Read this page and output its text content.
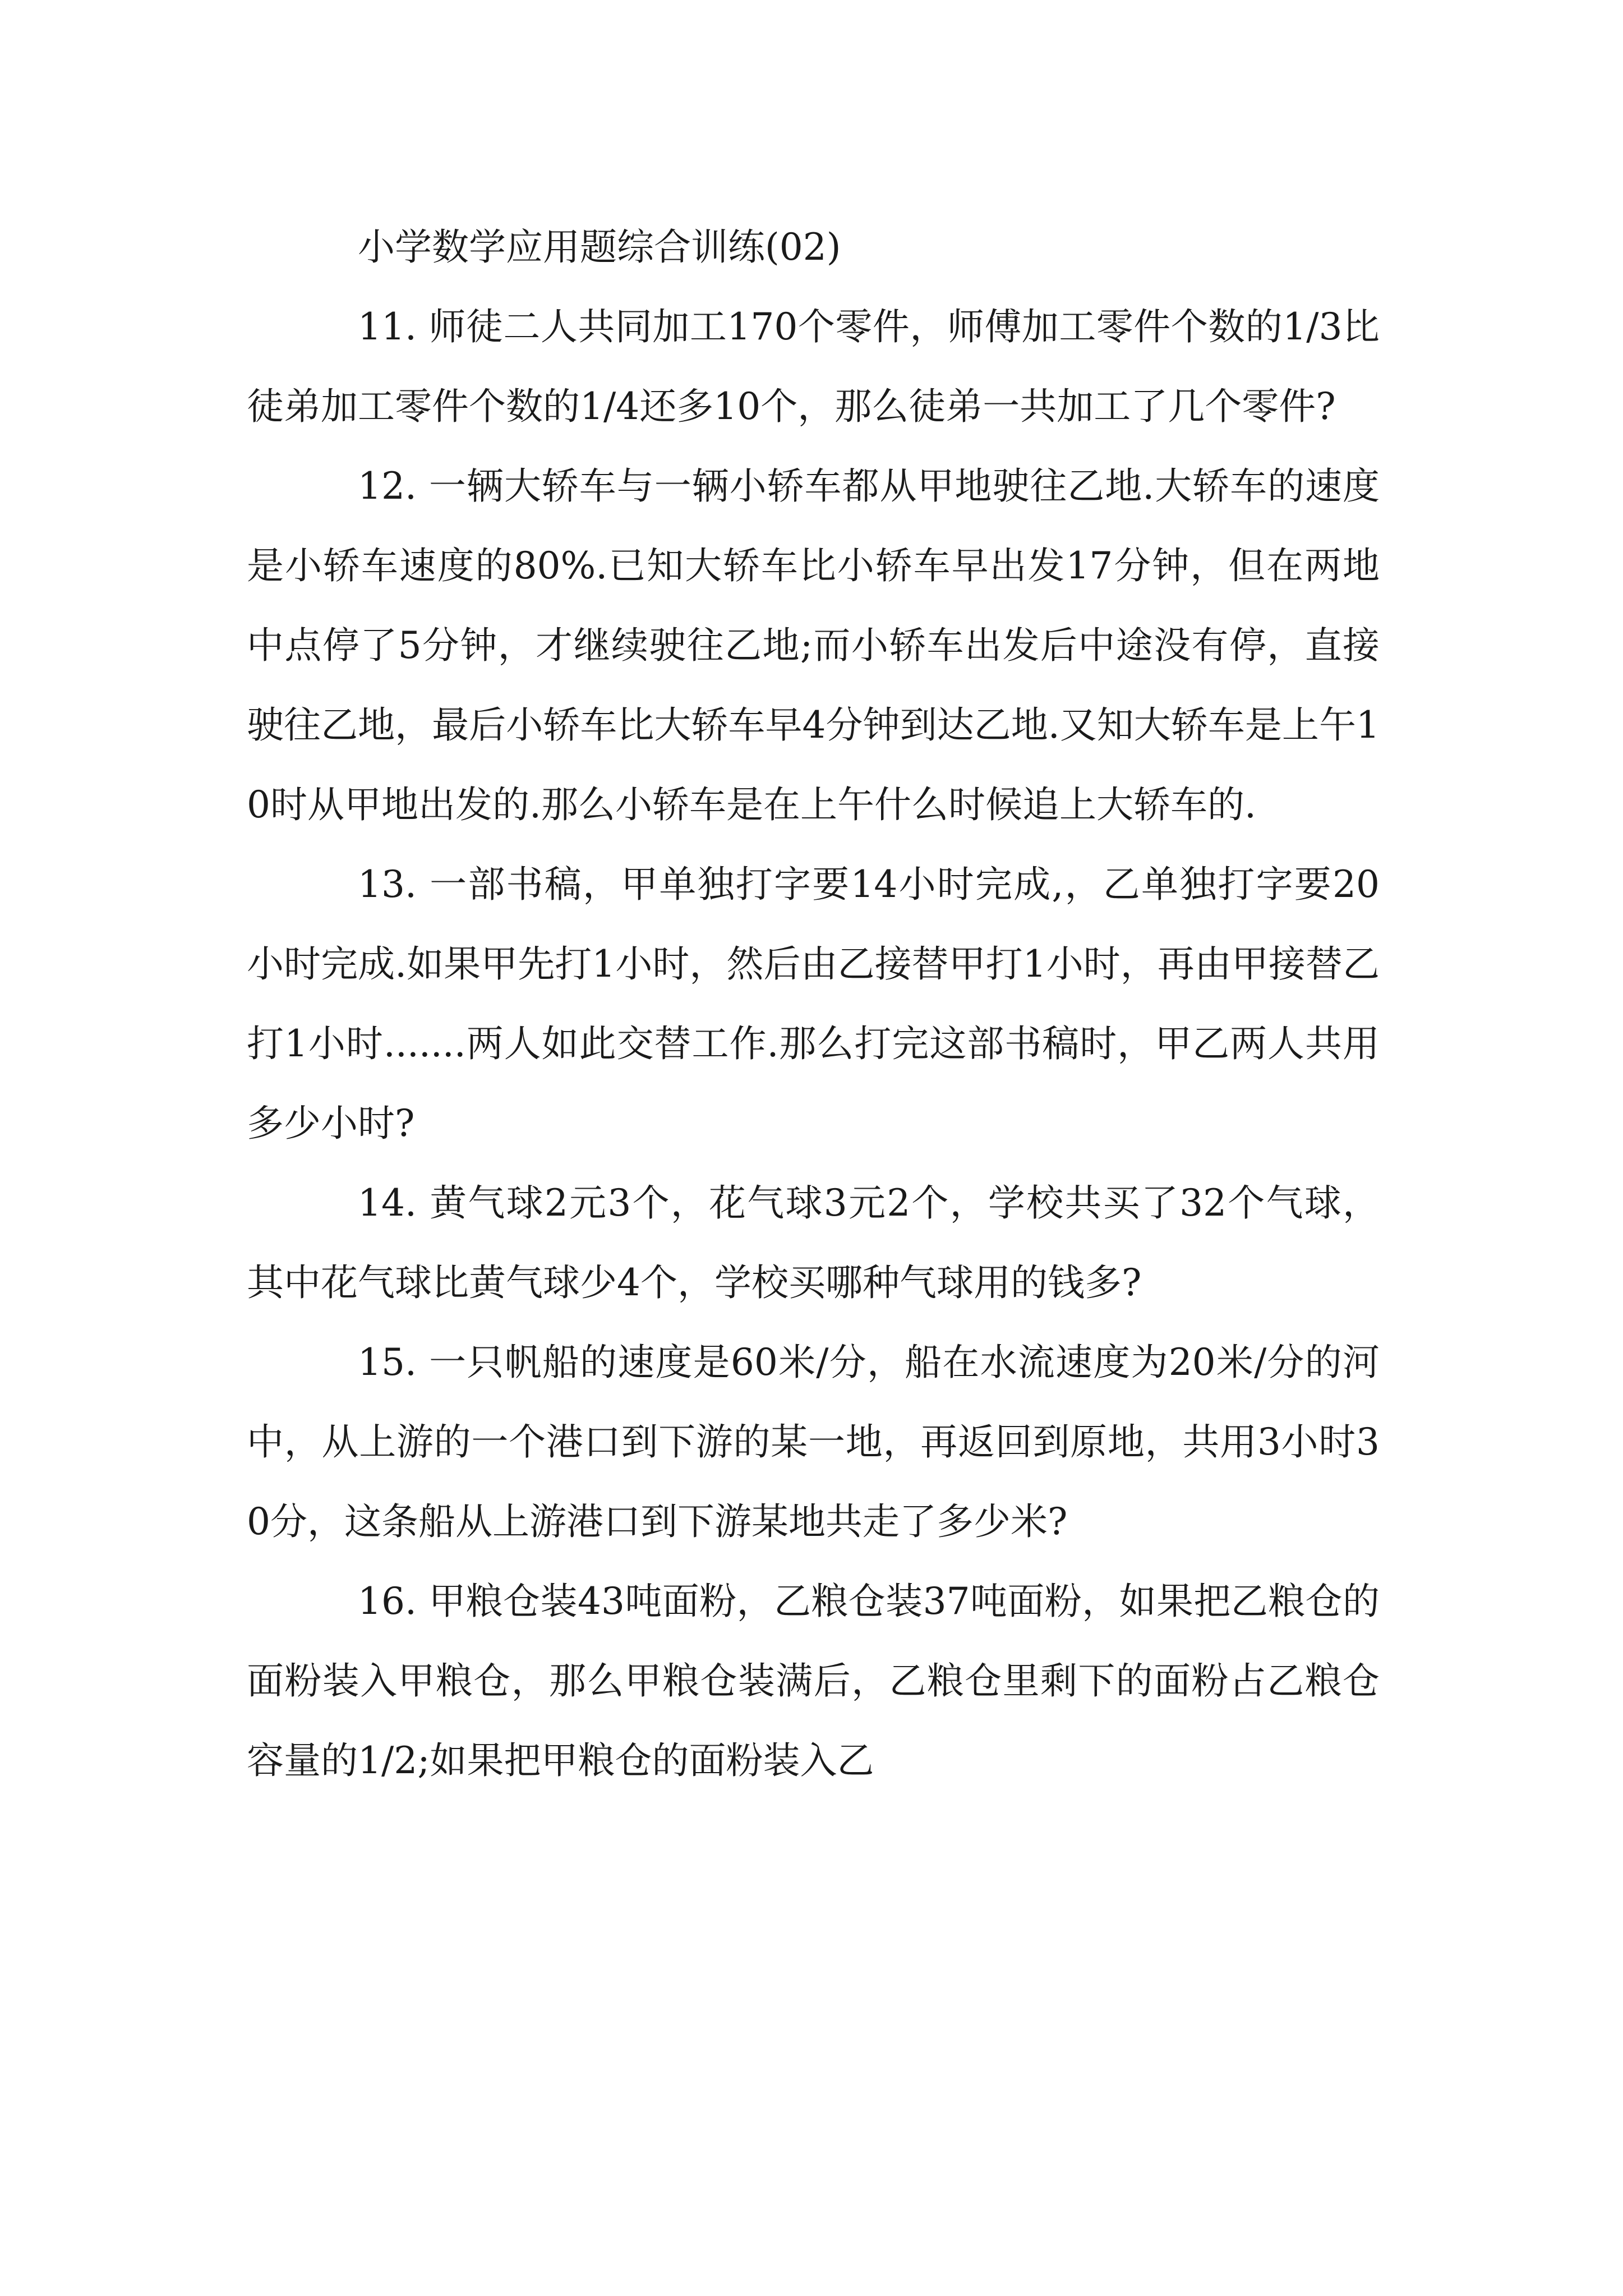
小学数学应用题综合训练(02)

11. 师徒二人共同加工170个零件，师傅加工零件个数的1/3比徒弟加工零件个数的1/4还多10个，那么徒弟一共加工了几个零件?

12. 一辆大轿车与一辆小轿车都从甲地驶往乙地.大轿车的速度是小轿车速度的80%.已知大轿车比小轿车早出发17分钟，但在两地中点停了5分钟，才继续驶往乙地;而小轿车出发后中途没有停，直接驶往乙地，最后小轿车比大轿车早4分钟到达乙地.又知大轿车是上午10时从甲地出发的.那么小轿车是在上午什么时候追上大轿车的.

13. 一部书稿，甲单独打字要14小时完成,，乙单独打字要20小时完成.如果甲先打1小时，然后由乙接替甲打1小时，再由甲接替乙打1小时.......两人如此交替工作.那么打完这部书稿时，甲乙两人共用多少小时?

14. 黄气球2元3个，花气球3元2个，学校共买了32个气球，其中花气球比黄气球少4个，学校买哪种气球用的钱多?

15. 一只帆船的速度是60米/分，船在水流速度为20米/分的河中，从上游的一个港口到下游的某一地，再返回到原地，共用3小时30分，这条船从上游港口到下游某地共走了多少米?

16. 甲粮仓装43吨面粉，乙粮仓装37吨面粉，如果把乙粮仓的面粉装入甲粮仓，那么甲粮仓装满后，乙粮仓里剩下的面粉占乙粮仓容量的1/2;如果把甲粮仓的面粉装入乙
